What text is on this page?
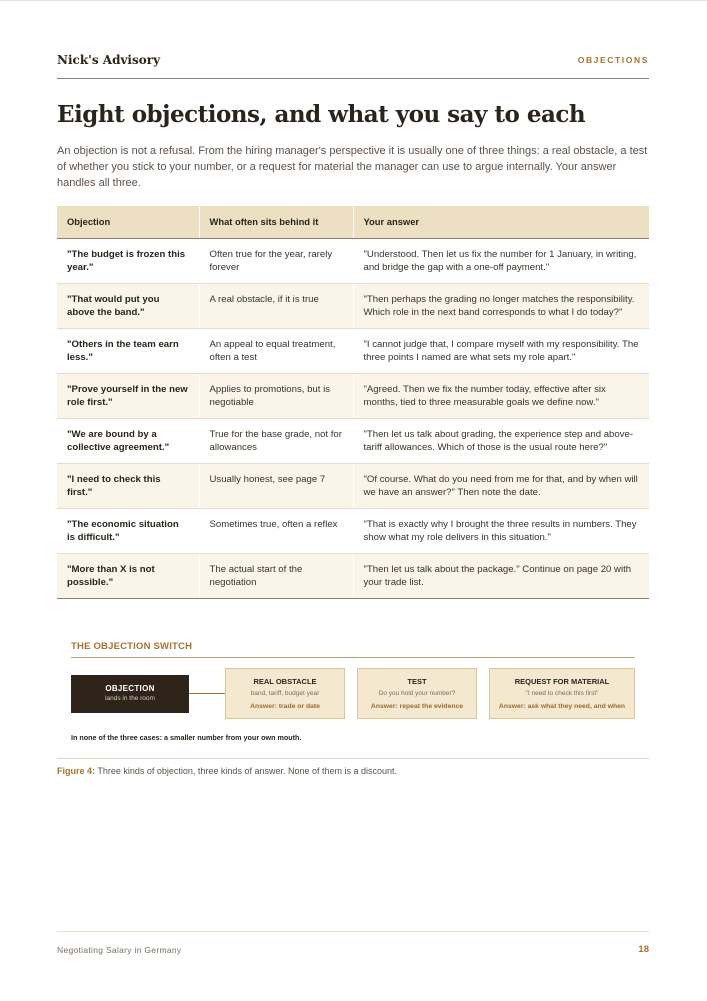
Nick's Advisory	OBJECTIONS
Eight objections, and what you say to each

An objection is not a refusal. From the hiring manager's perspective it is usually one of three things: a real obstacle, a test of whether you stick to your number, or a request for material the manager can use to argue internally. Your answer handles all three.

Objection	What often sits behind it	Your answer
"The budget is frozen this year."	Often true for the year, rarely forever	"Understood. Then let us fix the number for 1 January, in writing, and bridge the gap with a one-off payment."
"That would put you above the band."	A real obstacle, if it is true	"Then perhaps the grading no longer matches the responsibility. Which role in the next band corresponds to what I do today?"
"Others in the team earn less."	An appeal to equal treatment, often a test	"I cannot judge that, I compare myself with my responsibility. The three points I named are what sets my role apart."
"Prove yourself in the new role first."	Applies to promotions, but is negotiable	"Agreed. Then we fix the number today, effective after six months, tied to three measurable goals we define now."
"We are bound by a collective agreement."	True for the base grade, not for allowances	"Then let us talk about grading, the experience step and above-tariff allowances. Which of those is the usual route here?"
"I need to check this first."	Usually honest, see page 7	"Of course. What do you need from me for that, and by when will we have an answer?" Then note the date.
"The economic situation is difficult."	Sometimes true, often a reflex	"That is exactly why I brought the three results in numbers. They show what my role delivers in this situation."
"More than X is not possible."	The actual start of the negotiation	"Then let us talk about the package." Continue on page 20 with your trade list.
THE OBJECTION SWITCH
OBJECTION
lands in the room
REAL OBSTACLE
band, tariff, budget year
Answer: trade or date
TEST
Do you hold your number?
Answer: repeat the evidence
REQUEST FOR MATERIAL
"I need to check this first"
Answer: ask what they need, and when
In none of the three cases: a smaller number from your own mouth.
Figure 4: Three kinds of objection, three kinds of answer. None of them is a discount.
Negotiating Salary in Germany	18
